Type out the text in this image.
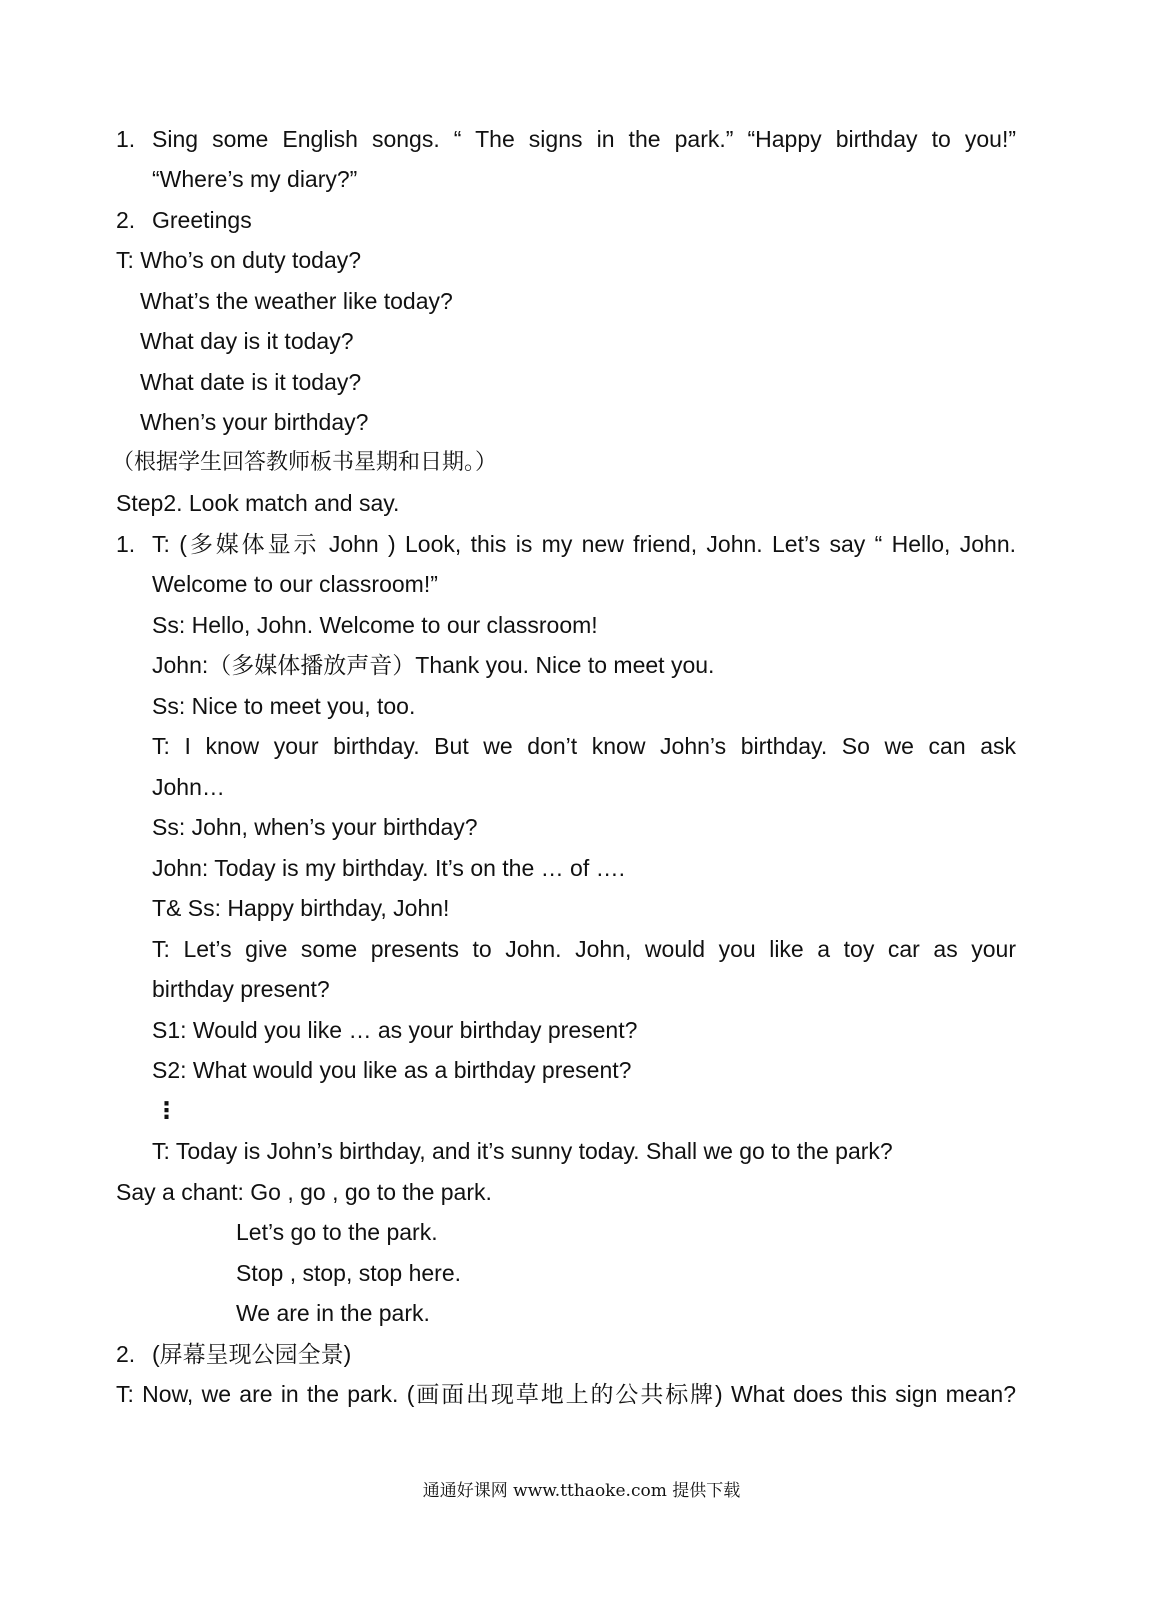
1. Sing some English songs. “ The signs in the park.” “Happy birthday to you!”
“Where’s my diary?”
2. Greetings
T: Who’s on duty today?
What’s the weather like today?
What day is it today?
What date is it today?
When’s your birthday?
（根据学生回答教师板书星期和日期。）
Step2. Look match and say.
1. T: (多媒体显示 John ) Look, this is my new friend, John. Let’s say “ Hello, John.
Welcome to our classroom!”
Ss: Hello, John. Welcome to our classroom!
John:（多媒体播放声音）Thank you. Nice to meet you.
Ss: Nice to meet you, too.
T: I know your birthday. But we don’t know John’s birthday. So we can ask
John…
Ss: John, when’s your birthday?
John: Today is my birthday. It’s on the … of ….
T& Ss: Happy birthday, John!
T: Let’s give some presents to John. John, would you like a toy car as your
birthday present?
S1: Would you like … as your birthday present?
S2: What would you like as a birthday present?
⋮
T: Today is John’s birthday, and it’s sunny today. Shall we go to the park?
Say a chant: Go , go , go to the park.
Let’s go to the park.
Stop , stop, stop here.
We are in the park.
2. (屏幕呈现公园全景)
T: Now, we are in the park. (画面出现草地上的公共标牌) What does this sign mean?
通通好课网 www.tthaoke.com 提供下载
